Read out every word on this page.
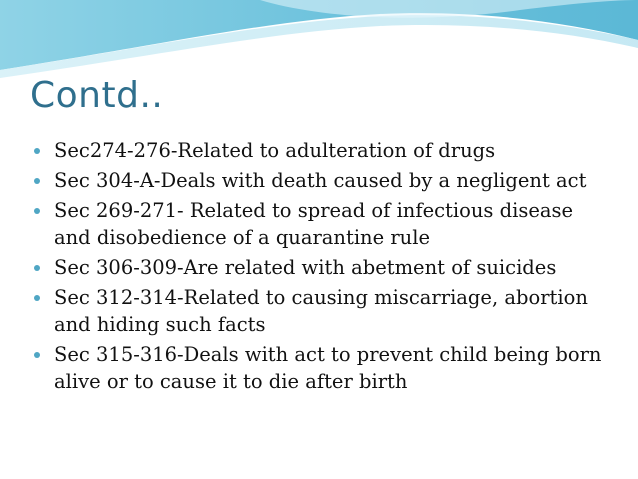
Contd..
Sec274-276-Related to adulteration of drugs
Sec 304-A-Deals with death caused by a negligent act
Sec 269-271- Related to spread of infectious disease and disobedience of a quarantine rule
Sec 306-309-Are related with abetment of suicides
Sec 312-314-Related to causing miscarriage, abortion and hiding such facts
Sec 315-316-Deals with act to prevent child being born alive or to cause it to die after birth
